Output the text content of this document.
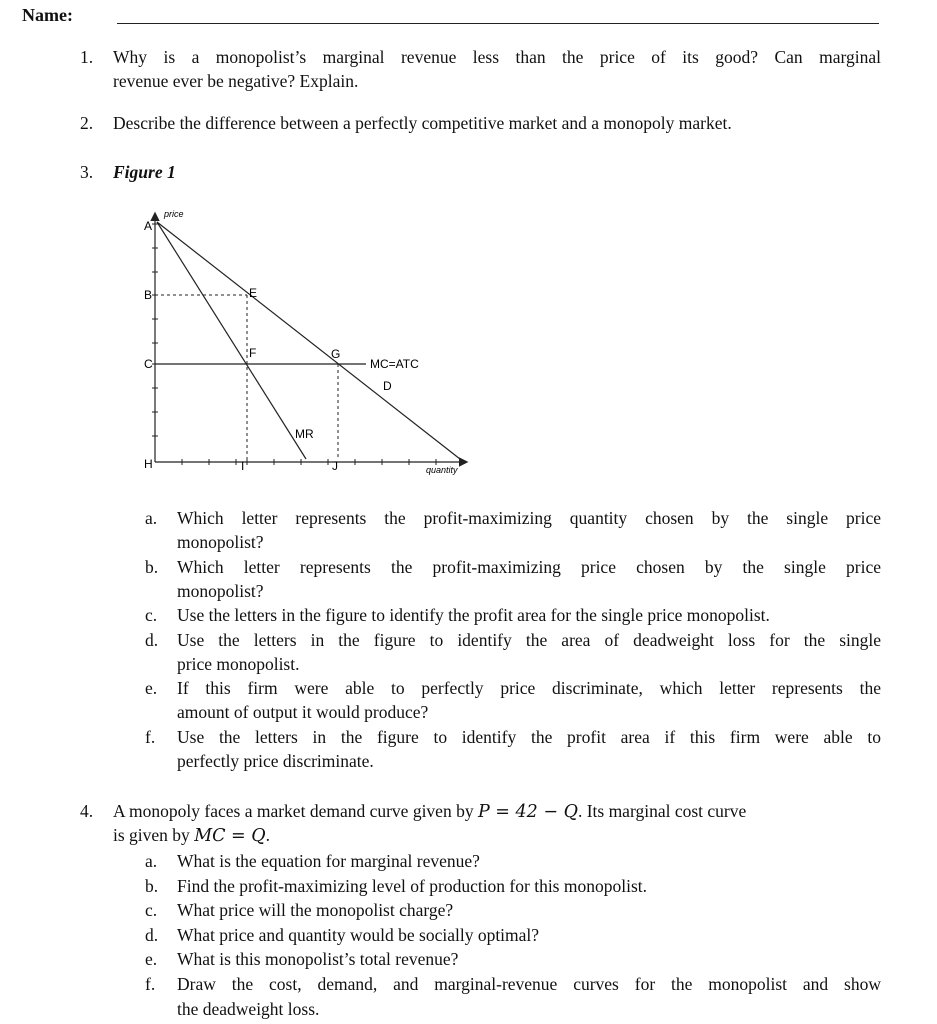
Name:
1. Why is a monopolist’s marginal revenue less than the price of its good? Can marginal
revenue ever be negative? Explain.
2. Describe the difference between a perfectly competitive market and a monopoly market.
3. Figure 1
price
quantity
A
B
C
H
E
F	G
I	J
MC=ATC
D
MR
a. Which letter represents the profit-maximizing quantity chosen by the single price
monopolist?
b. Which letter represents the profit-maximizing price chosen by the single price
monopolist?
c. Use the letters in the figure to identify the profit area for the single price monopolist.
d. Use the letters in the figure to identify the area of deadweight loss for the single
price monopolist.
e. If this firm were able to perfectly price discriminate, which letter represents the
amount of output it would produce?
f. Use the letters in the figure to identify the profit area if this firm were able to
perfectly price discriminate.
4. A monopoly faces a market demand curve given by P = 42 − Q. Its marginal cost curve
is given by MC = Q.
a. What is the equation for marginal revenue?
b. Find the profit-maximizing level of production for this monopolist.
c. What price will the monopolist charge?
d. What price and quantity would be socially optimal?
e. What is this monopolist’s total revenue?
f. Draw the cost, demand, and marginal-revenue curves for the monopolist and show
the deadweight loss.
